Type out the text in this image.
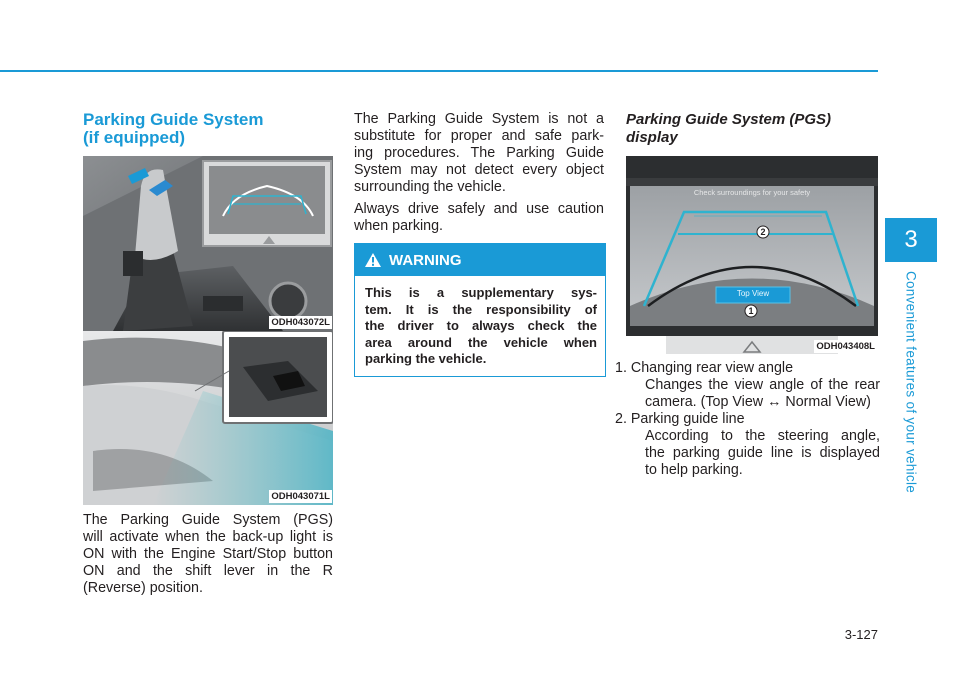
Parking Guide System
(if equipped)
ODH043072L
ODH043071L
The Parking Guide System (PGS)
will activate when the back-up light is
ON with the Engine Start/Stop button
ON and the shift lever in the R
(Reverse) position.
The Parking Guide System is not a
substitute for proper and safe park-
ing procedures. The Parking Guide
System may not detect every object
surrounding the vehicle.
Always drive safely and use caution
when parking.
WARNING
This is a supplementary sys-
tem. It is the responsibility of
the driver to always check the
area around the vehicle when
parking the vehicle.
Parking Guide System (PGS)
display
Check surroundings for your safety
Top View
2
1
ODH043408L
1. Changing rear view angle
Changes the view angle of the rear
camera. (Top View ↔ Normal View)
2. Parking guide line
According to the steering angle,
the parking guide line is displayed
to help parking.
3
Convenient features of your vehicle
3-127
